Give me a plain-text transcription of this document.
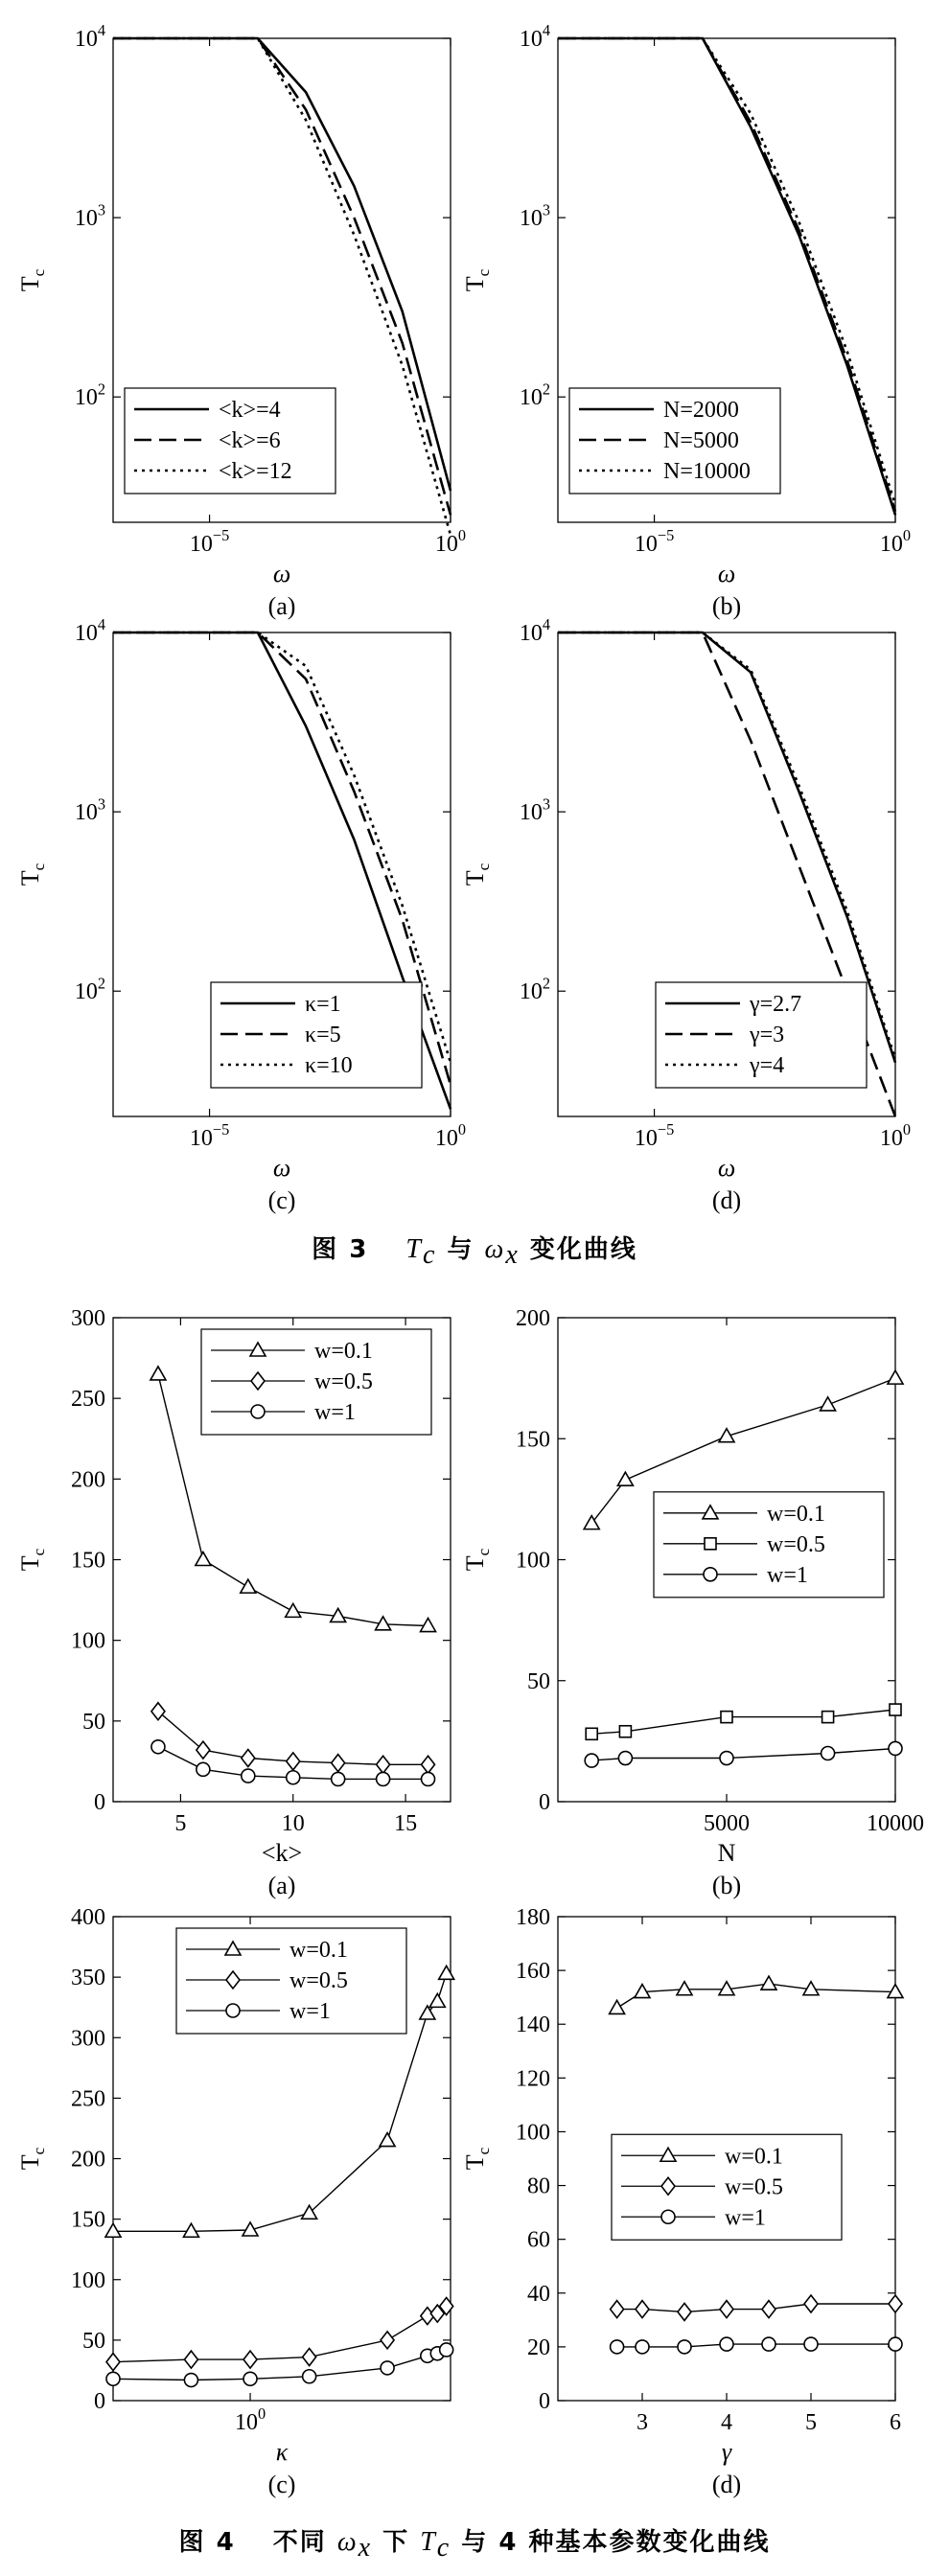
$10^2$
$10^3$
$10^4$
$10^{-5}$	$10^0$
ω
$T_c$
(a)
<k>=4
<k>=6
<k>=12
$10^2$
$10^3$
$10^4$
$10^{-5}$	$10^0$
ω
$T_c$
(b)
N=2000
N=5000
N=10000
$10^2$
$10^3$
$10^4$
$10^{-5}$	$10^0$
ω
$T_c$
(c)
κ=1
κ=5
κ=10
$10^2$
$10^3$
$10^4$
$10^{-5}$	$10^0$
ω
$T_c$
(d)
γ=2.7
γ=3
γ=4
0
50
100
150
200
250
300
5	10	15
<k>
$T_c$
(a)
w=0.1
w=0.5
w=1
0
50
100
150
200
5000	10000
N
$T_c$
(b)
w=0.1
w=0.5
w=1
0
50
100
150
200
250
300
350
400
$10^0$
κ
$T_c$
(c)
w=0.1
w=0.5
w=1
0
20
40
60
80
100
120
140
160
180
3	4	5	6
γ
$T_c$
(d)
w=0.1
w=0.5
w=1
图 3 $T_c$ 与 $\omega_x$ 变化曲线
图 4 不同 $\omega_x$ 下 $T_c$ 与 4 种基本参数变化曲线
